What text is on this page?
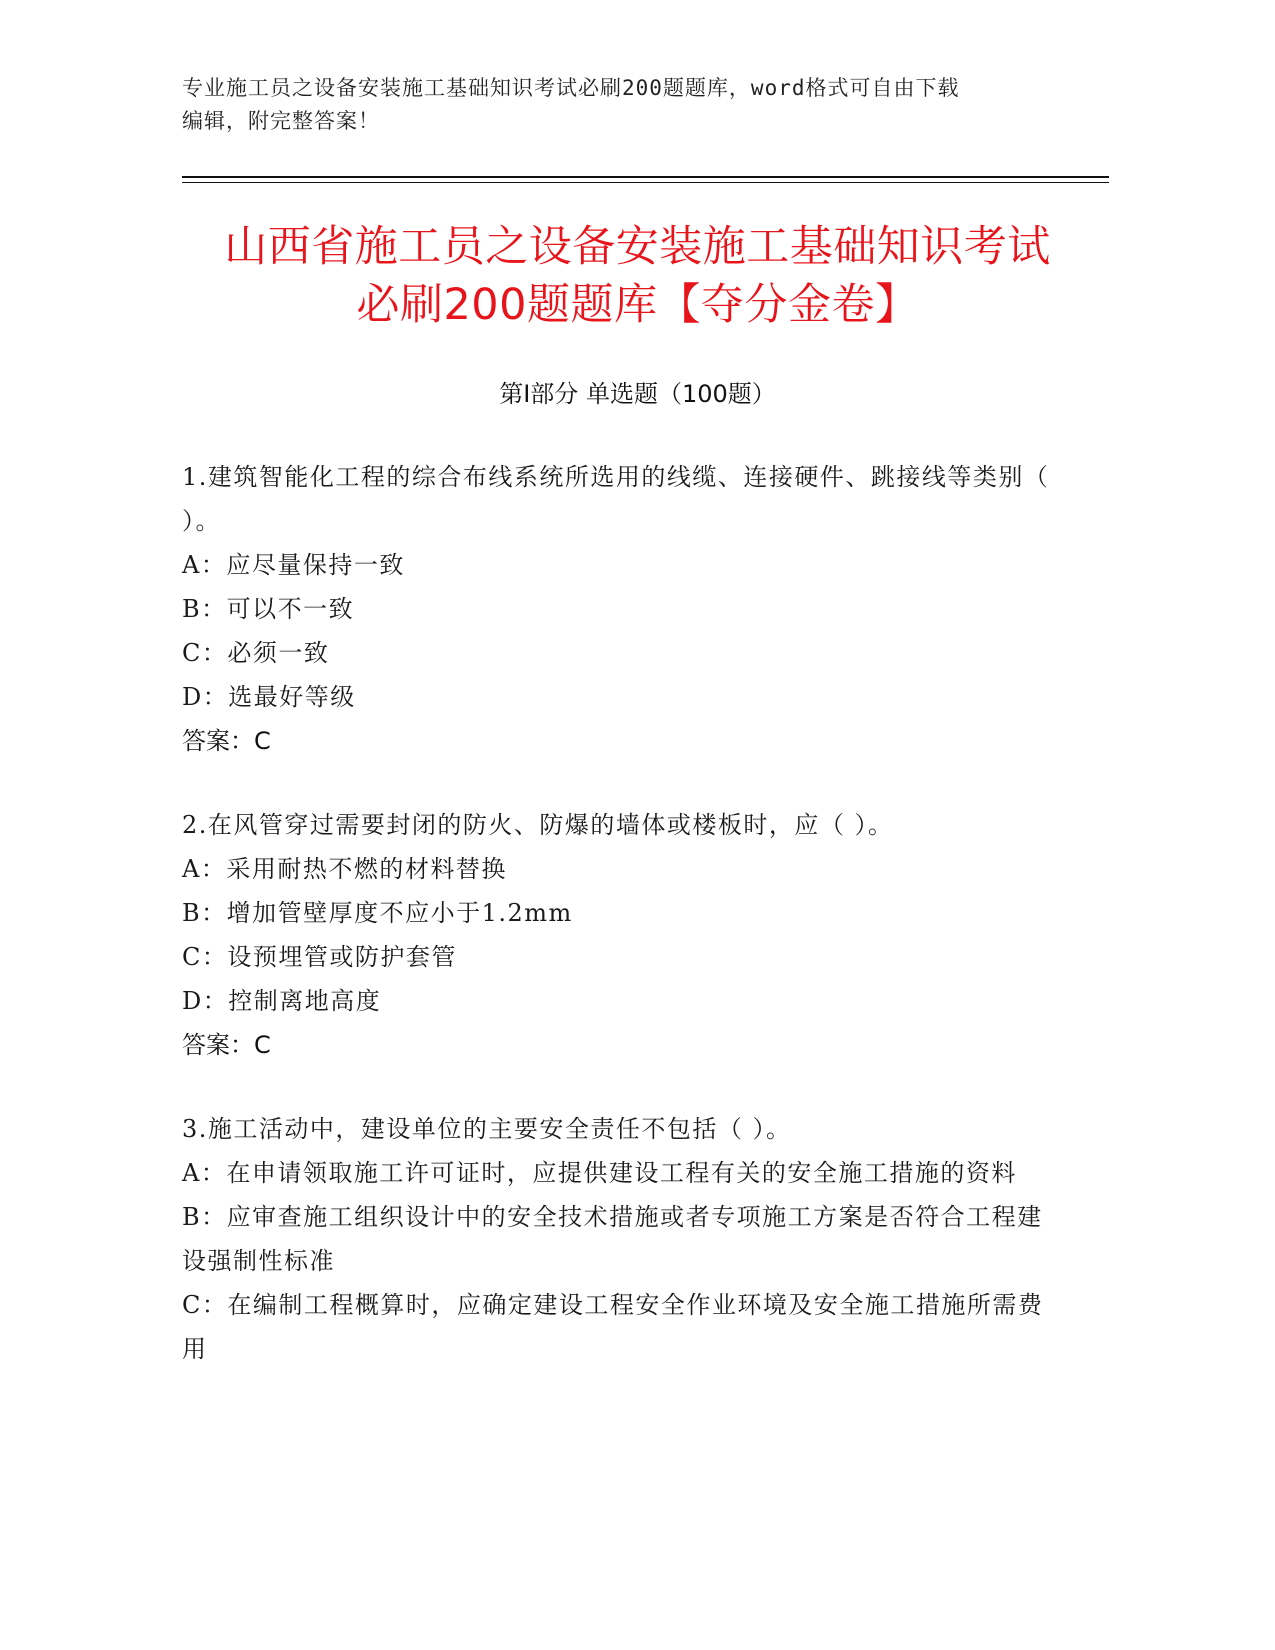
专业施工员之设备安装施工基础知识考试必刷200题题库，word格式可自由下载
编辑，附完整答案！
山西省施工员之设备安装施工基础知识考试
必刷200题题库【夺分金卷】
第Ⅰ部分 单选题（100题）
1.建筑智能化工程的综合布线系统所选用的线缆、连接硬件、跳接线等类别（ ）。
A：应尽量保持一致
B：可以不一致
C：必须一致
D：选最好等级
答案：C
2.在风管穿过需要封闭的防火、防爆的墙体或楼板时，应（ ）。
A：采用耐热不燃的材料替换
B：增加管壁厚度不应小于1.2mm
C：设预埋管或防护套管
D：控制离地高度
答案：C
3.施工活动中，建设单位的主要安全责任不包括（ ）。
A：在申请领取施工许可证时，应提供建设工程有关的安全施工措施的资料
B：应审查施工组织设计中的安全技术措施或者专项施工方案是否符合工程建设强制性标准
C：在编制工程概算时，应确定建设工程安全作业环境及安全施工措施所需费用
